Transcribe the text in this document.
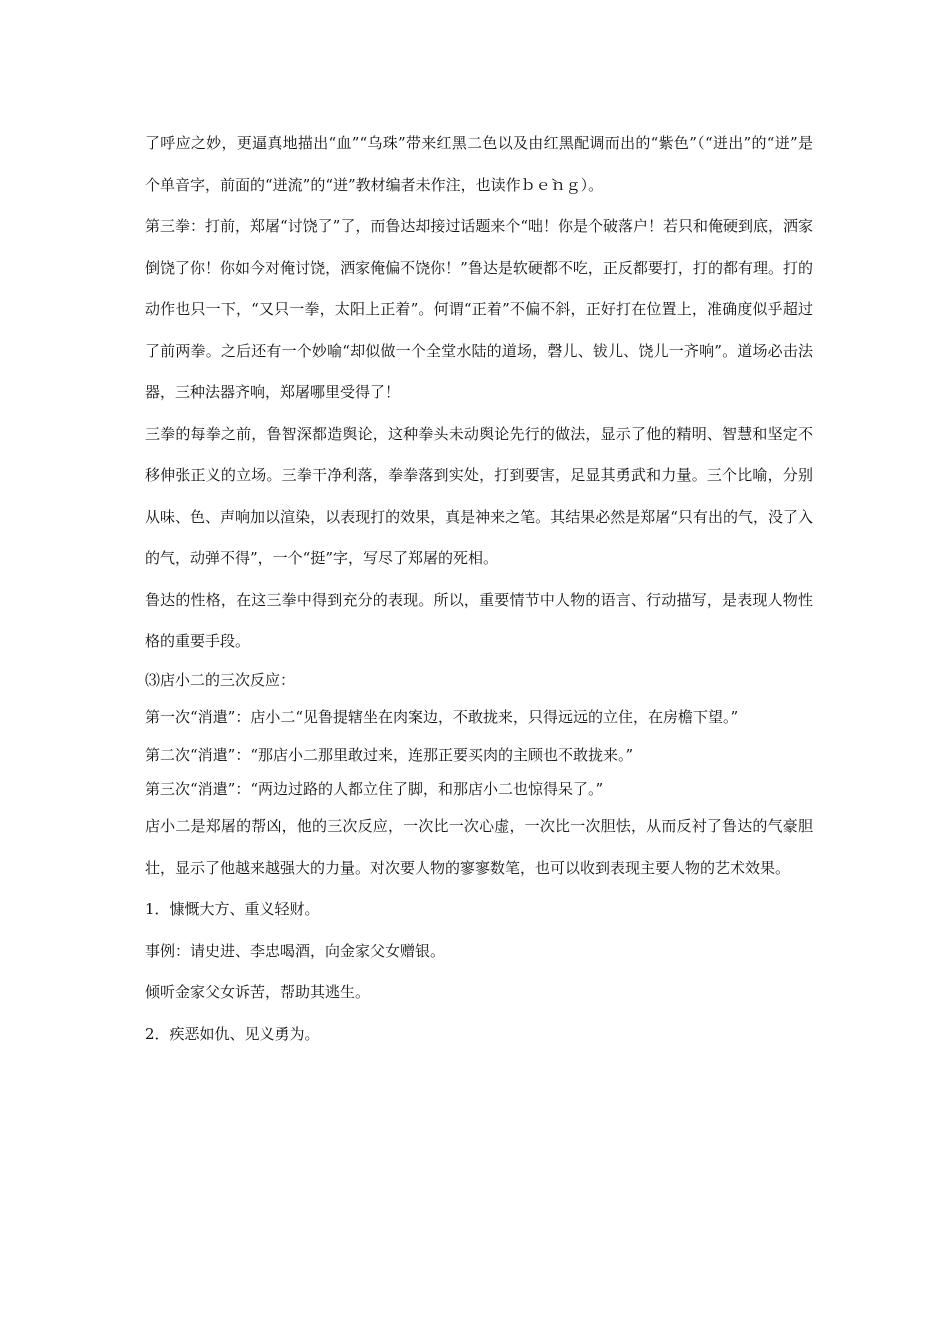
了呼应之妙，更逼真地描出“血”“乌珠”带来红黑二色以及由红黑配调而出的“紫色”（“迸出”的“迸”是个单音字，前面的“迸流”的“迸”教材编者未作注，也读作ｂｅ̀ｎｇ）。

第三拳：打前，郑屠“讨饶了”了，而鲁达却接过话题来个“咄！你是个破落户！若只和俺硬到底，洒家倒饶了你！你如今对俺讨饶，洒家俺偏不饶你！”鲁达是软硬都不吃，正反都要打，打的都有理。打的动作也只一下，“又只一拳，太阳上正着”。何谓“正着”不偏不斜，正好打在位置上，准确度似乎超过了前两拳。之后还有一个妙喻“却似做一个全堂水陆的道场，磬儿、钹儿、饶儿一齐响”。道场必击法器，三种法器齐响，郑屠哪里受得了！

三拳的每拳之前，鲁智深都造舆论，这种拳头未动舆论先行的做法，显示了他的精明、智慧和坚定不移伸张正义的立场。三拳干净利落，拳拳落到实处，打到要害，足显其勇武和力量。三个比喻，分别从味、色、声响加以渲染，以表现打的效果，真是神来之笔。其结果必然是郑屠“只有出的气，没了入的气，动弹不得”，一个“挺”字，写尽了郑屠的死相。

鲁达的性格，在这三拳中得到充分的表现。所以，重要情节中人物的语言、行动描写，是表现人物性格的重要手段。

⑶店小二的三次反应：

第一次“消遣”：店小二“见鲁提辖坐在肉案边，不敢拢来，只得远远的立住，在房檐下望。”

第二次“消遣”：“那店小二那里敢过来，连那正要买肉的主顾也不敢拢来。”

第三次“消遣”：“两边过路的人都立住了脚，和那店小二也惊得呆了。”

店小二是郑屠的帮凶，他的三次反应，一次比一次心虚，一次比一次胆怯，从而反衬了鲁达的气豪胆壮，显示了他越来越强大的力量。对次要人物的寥寥数笔，也可以收到表现主要人物的艺术效果。

1．慷慨大方、重义轻财。

事例：请史进、李忠喝酒，向金家父女赠银。

倾听金家父女诉苦，帮助其逃生。

2．疾恶如仇、见义勇为。
